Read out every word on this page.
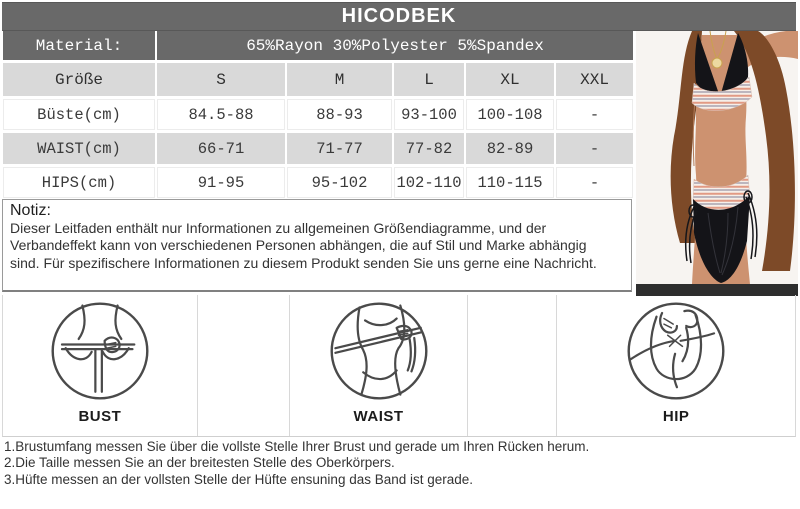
HICODBEK
Material:	65%Rayon 30%Polyester 5%Spandex				
Größe	S	M	L	XL	XXL
Büste(cm)	84.5-88	88-93	93-100	100-108	-
WAIST(cm)	66-71	71-77	77-82	82-89	-
HIPS(cm)	91-95	95-102	102-110	110-115	-
Notiz:
Dieser Leitfaden enthält nur Informationen zu allgemeinen Größendiagramme, und der Verbandeffekt kann von verschiedenen Personen abhängen, die auf Stil und Marke abhängig sind. Für spezifischere Informationen zu diesem Produkt senden Sie uns gerne eine Nachricht.
BUST	WAIST	HIP

1.Brustumfang messen Sie über die vollste Stelle Ihrer Brust und gerade um Ihren Rücken herum.

2.Die Taille messen Sie an der breitesten Stelle des Oberkörpers.

3.Hüfte messen an der vollsten Stelle der Hüfte ensuning das Band ist gerade.
